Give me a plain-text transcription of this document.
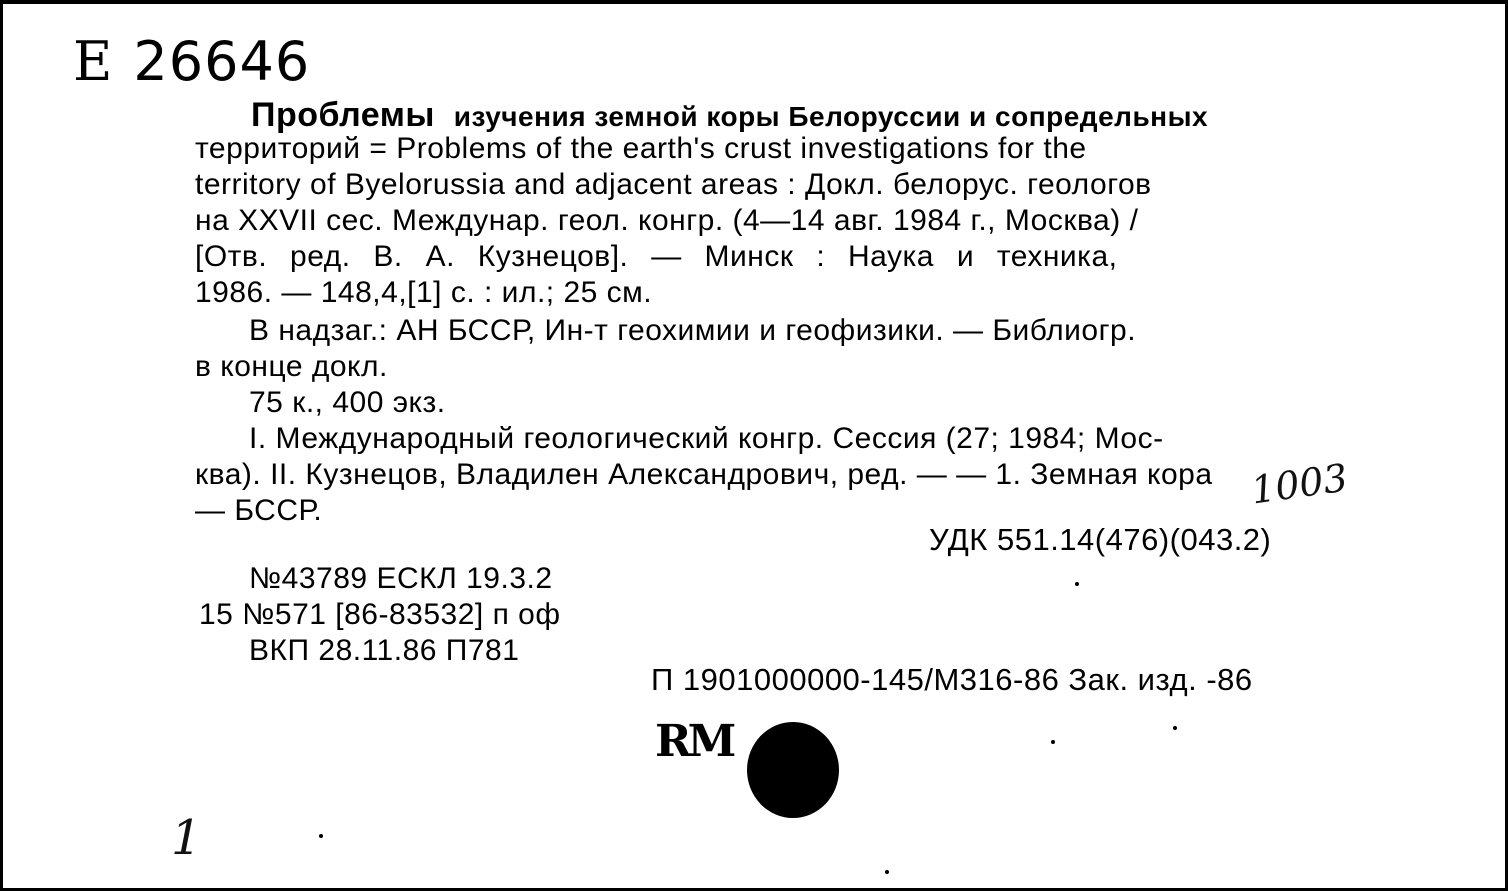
Е 26646
Проблемы изучения земной коры Белоруссии и сопредельных
территорий = Problems of the earth's crust investigations for the
territory of Byelorussia and adjacent areas : Докл. белорус. геологов
на XXVII сес. Междунар. геол. конгр. (4—14 авг. 1984 г., Москва) /
[Отв. ред. В. А. Кузнецов]. — Минск : Наука и техника,
1986. — 148,4,[1] с. : ил.; 25 см.
В надзаг.: АН БССР, Ин-т геохимии и геофизики. — Библиогр.
в конце докл.
75 к., 400 экз.
I. Международный геологический конгр. Сессия (27; 1984; Мос-
ква). II. Кузнецов, Владилен Александрович, ред. — — 1. Земная кора
— БССР.
УДК 551.14(476)(043.2)
№43789 ЕСКЛ 19.3.2
15 №571 [86-83532] п оф
ВКП 28.11.86 П781
П 1901000000-145/М316-86 Зак. изд. -86
RM
1003
1
